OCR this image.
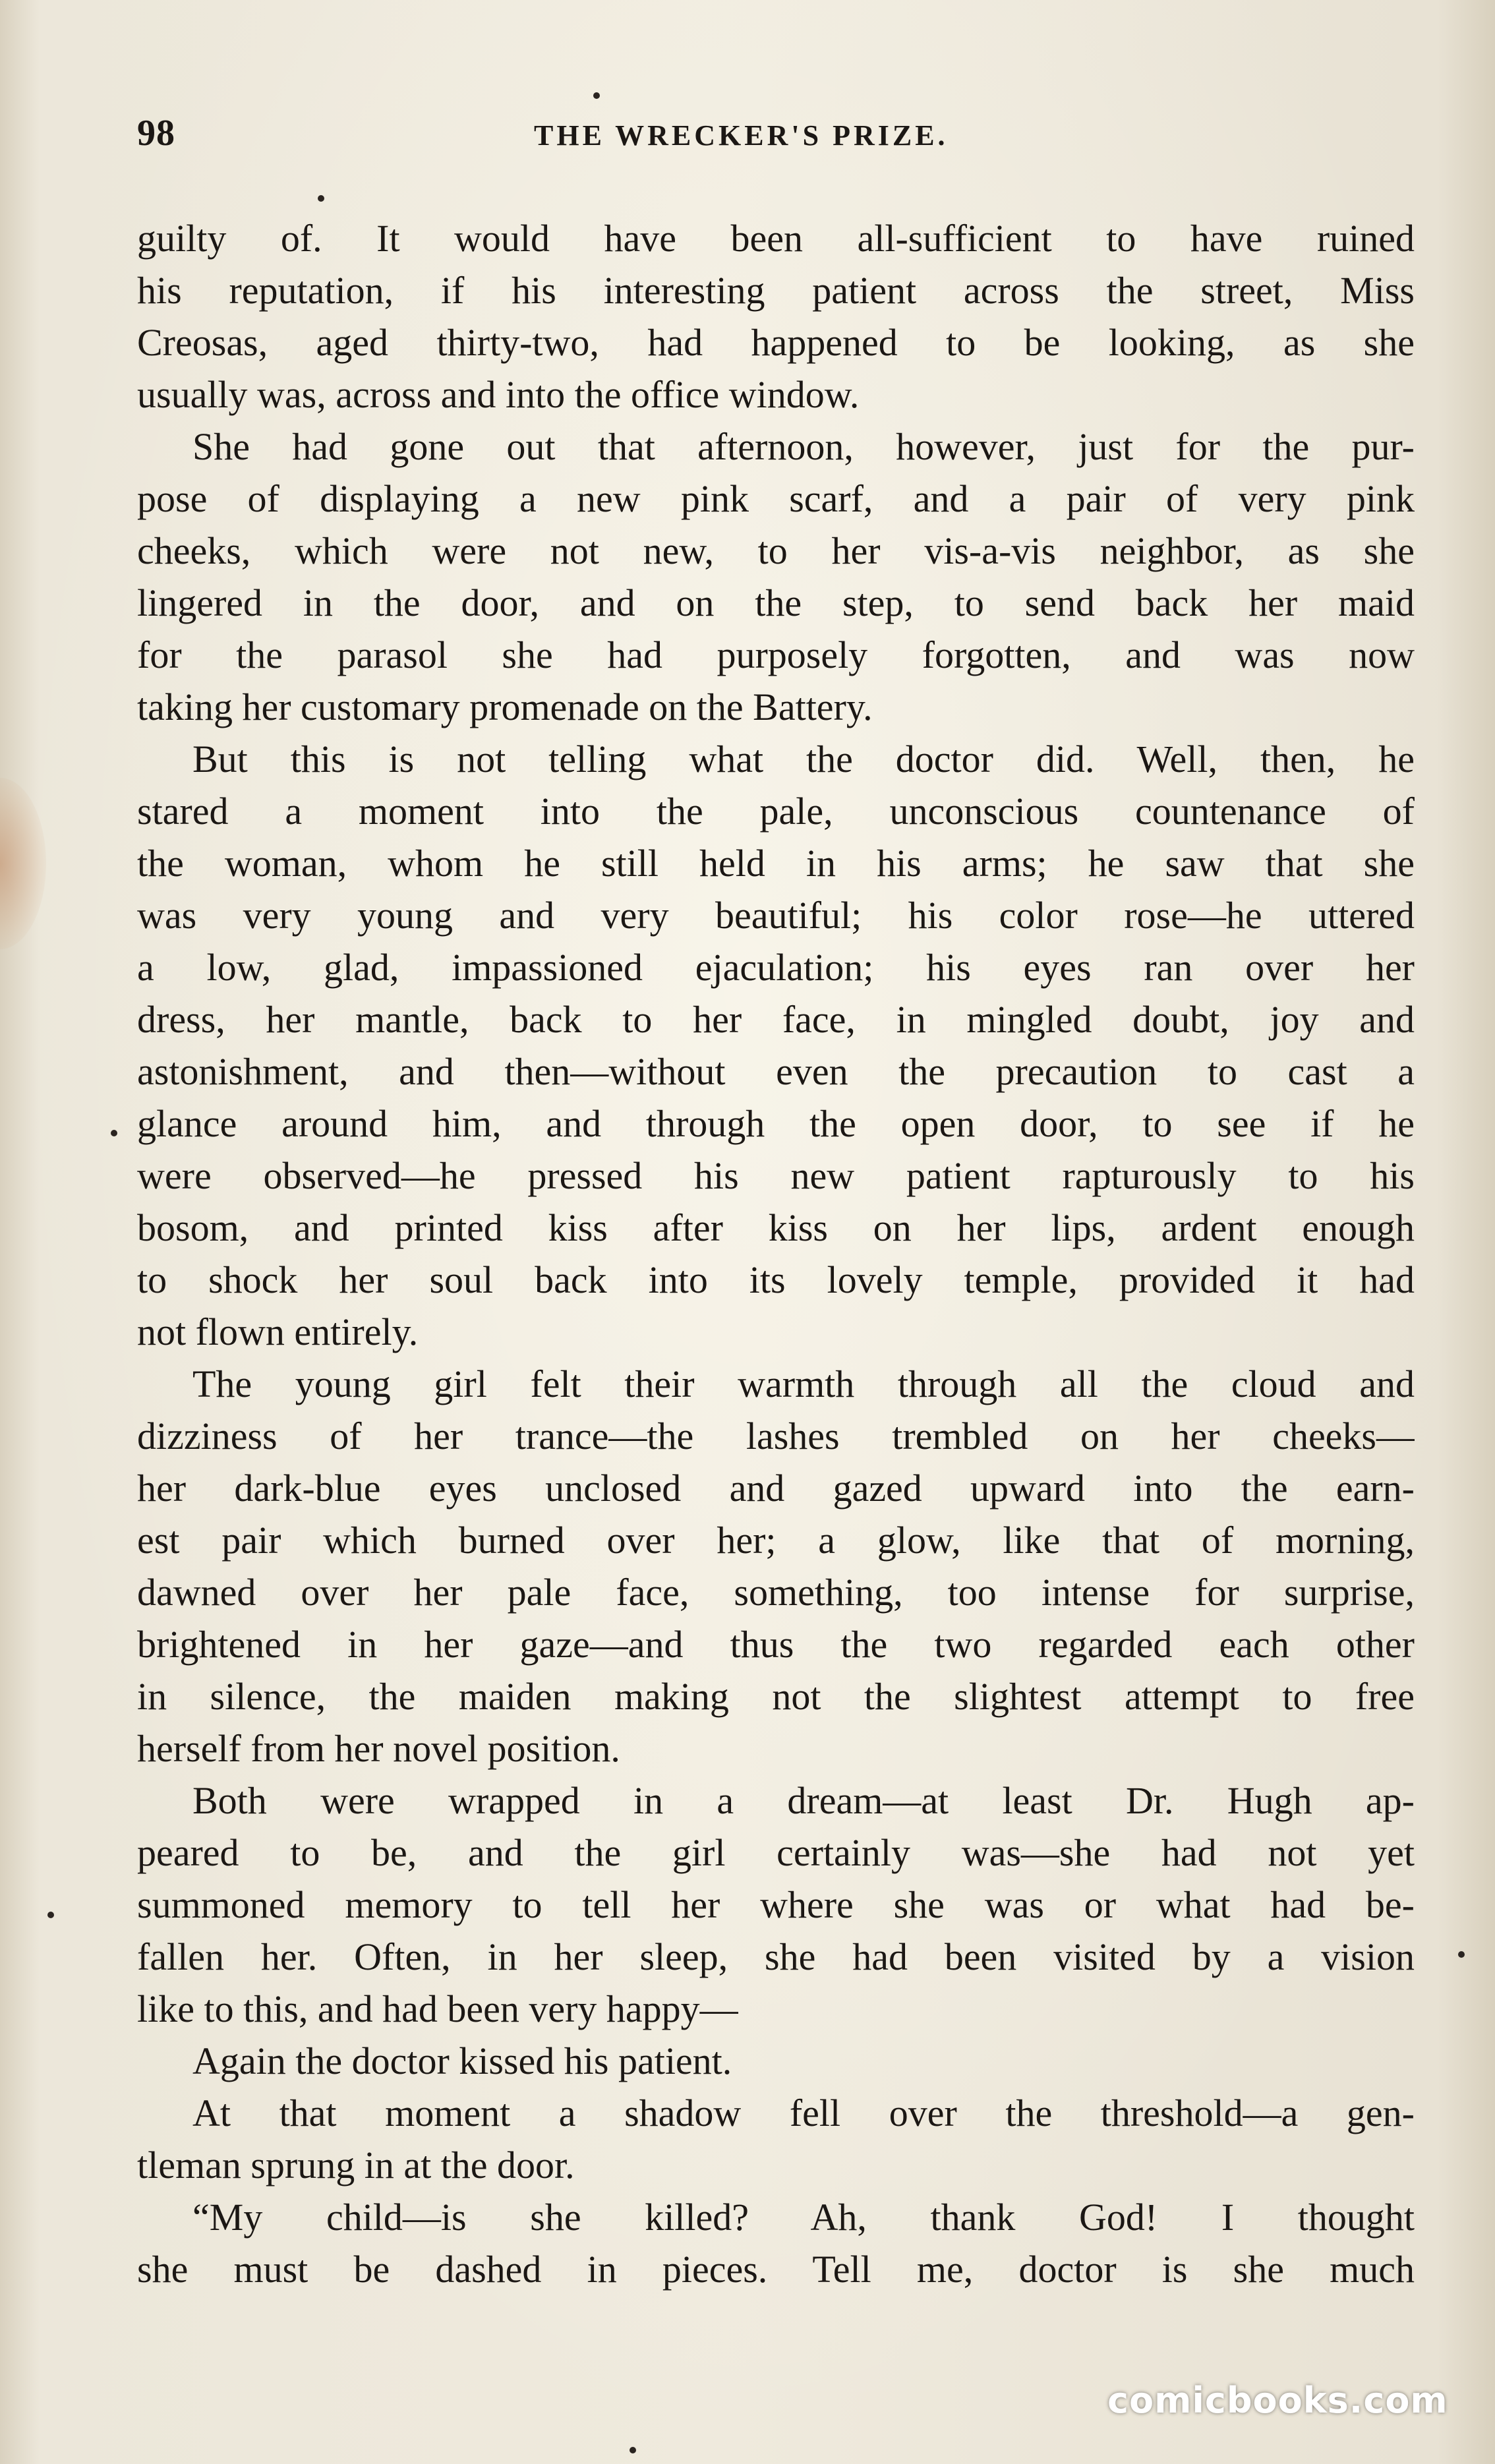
98	THE WRECKER'S PRIZE.
guilty of. It would have been all-sufficient to have ruined
his reputation, if his interesting patient across the street, Miss
Creosas, aged thirty-two, had happened to be looking, as she
usually was, across and into the office window.
She had gone out that afternoon, however, just for the pur-
pose of displaying a new pink scarf, and a pair of very pink
cheeks, which were not new, to her vis-a-vis neighbor, as she
lingered in the door, and on the step, to send back her maid
for the parasol she had purposely forgotten, and was now
taking her customary promenade on the Battery.
But this is not telling what the doctor did. Well, then, he
stared a moment into the pale, unconscious countenance of
the woman, whom he still held in his arms; he saw that she
was very young and very beautiful; his color rose—he uttered
a low, glad, impassioned ejaculation; his eyes ran over her
dress, her mantle, back to her face, in mingled doubt, joy and
astonishment, and then—without even the precaution to cast a
glance around him, and through the open door, to see if he
were observed—he pressed his new patient rapturously to his
bosom, and printed kiss after kiss on her lips, ardent enough
to shock her soul back into its lovely temple, provided it had
not flown entirely.
The young girl felt their warmth through all the cloud and
dizziness of her trance—the lashes trembled on her cheeks—
her dark-blue eyes unclosed and gazed upward into the earn-
est pair which burned over her; a glow, like that of morning,
dawned over her pale face, something, too intense for surprise,
brightened in her gaze—and thus the two regarded each other
in silence, the maiden making not the slightest attempt to free
herself from her novel position.
Both were wrapped in a dream—at least Dr. Hugh ap-
peared to be, and the girl certainly was—she had not yet
summoned memory to tell her where she was or what had be-
fallen her. Often, in her sleep, she had been visited by a vision
like to this, and had been very happy—
Again the doctor kissed his patient.
At that moment a shadow fell over the threshold—a gen-
tleman sprung in at the door.
“My child—is she killed? Ah, thank God! I thought
she must be dashed in pieces. Tell me, doctor is she much
comicbooks.com
